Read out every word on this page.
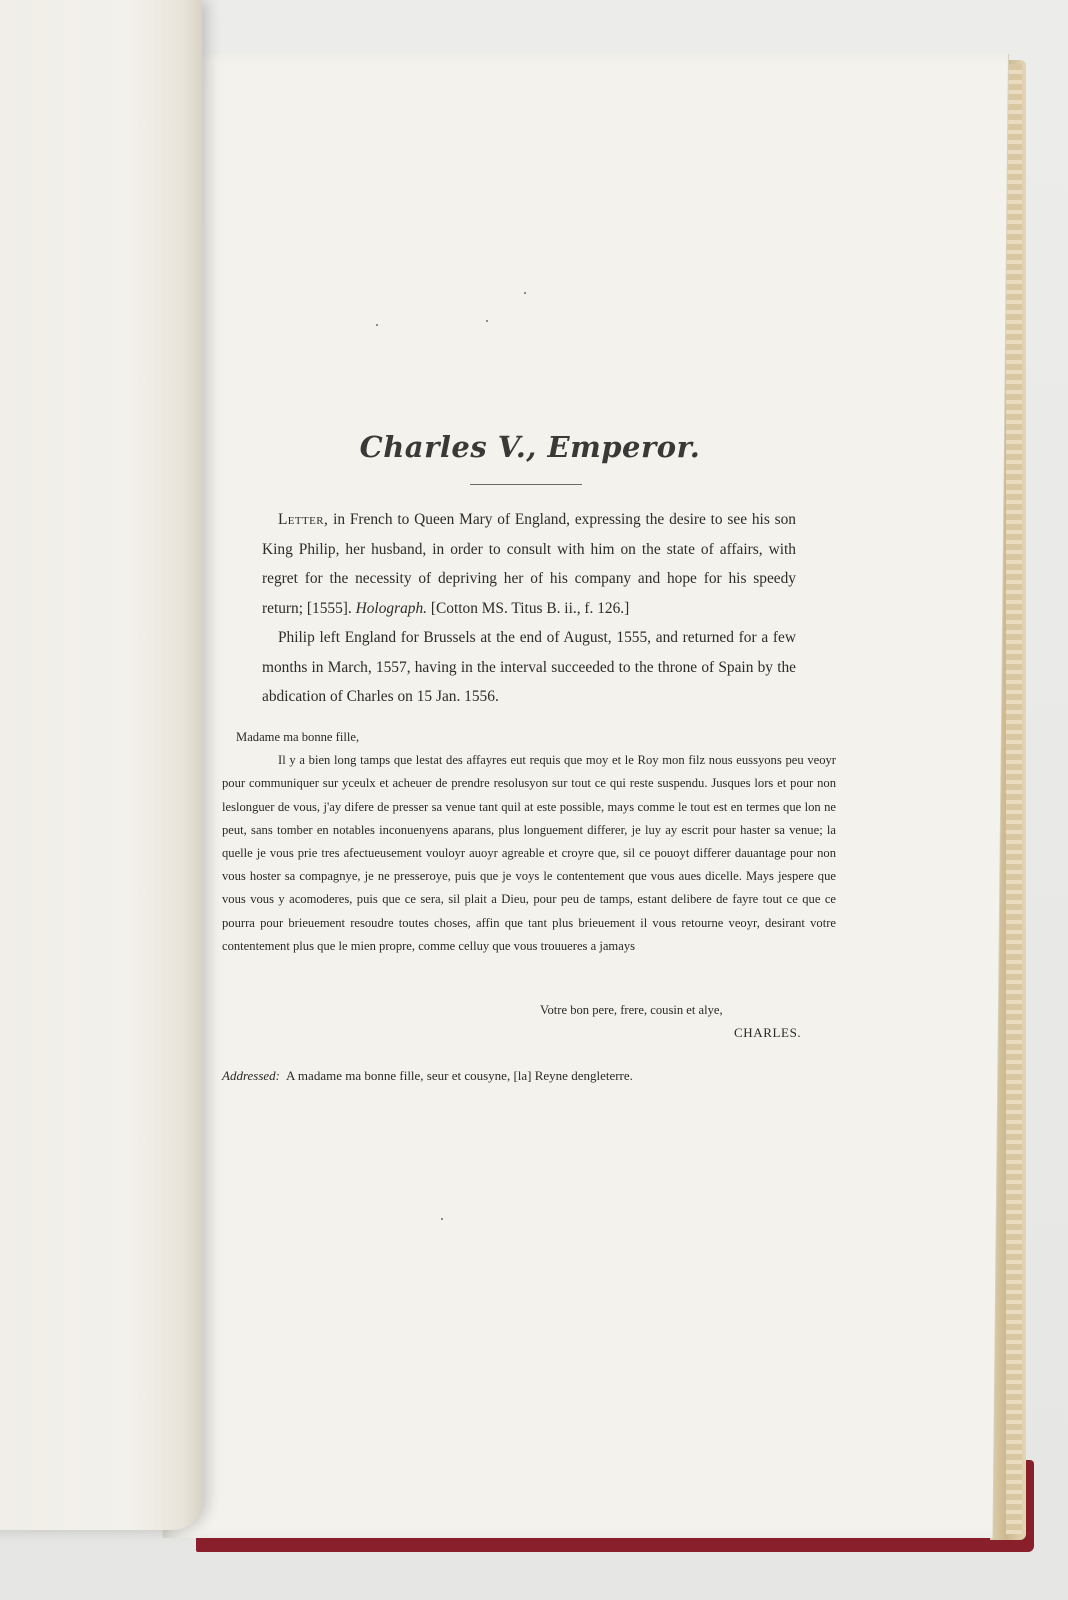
Charles V., Emperor.

Letter, in French to Queen Mary of England, expressing the desire to see his son King Philip, her husband, in order to consult with him on the state of affairs, with regret for the necessity of depriving her of his company and hope for his speedy return; [1555]. Holograph. [Cotton MS. Titus B. ii., f. 126.]

Philip left England for Brussels at the end of August, 1555, and returned for a few months in March, 1557, having in the interval succeeded to the throne of Spain by the abdication of Charles on 15 Jan. 1556.

Madame ma bonne fille,

Il y a bien long tamps que lestat des affayres eut requis que moy et le Roy mon filz nous eussyons peu veoyr pour communiquer sur yceulx et acheuer de prendre resolusyon sur tout ce qui reste suspendu. Jusques lors et pour non leslonguer de vous, j'ay difere de presser sa venue tant quil at este possible, mays comme le tout est en termes que lon ne peut, sans tomber en notables inconuenyens aparans, plus longuement differer, je luy ay escrit pour haster sa venue; la quelle je vous prie tres afectueusement vouloyr auoyr agreable et croyre que, sil ce pouoyt differer dauantage pour non vous hoster sa compagnye, je ne presseroye, puis que je voys le contentement que vous aues dicelle. Mays jespere que vous vous y acomoderes, puis que ce sera, sil plait a Dieu, pour peu de tamps, estant delibere de fayre tout ce que ce pourra pour brieuement resoudre toutes choses, affin que tant plus brieuement il vous retourne veoyr, desirant votre contentement plus que le mien propre, comme celluy que vous trouueres a jamays

Votre bon pere, frere, cousin et alye,
CHARLES.
Addressed: A madame ma bonne fille, seur et cousyne, [la] Reyne dengleterre.
